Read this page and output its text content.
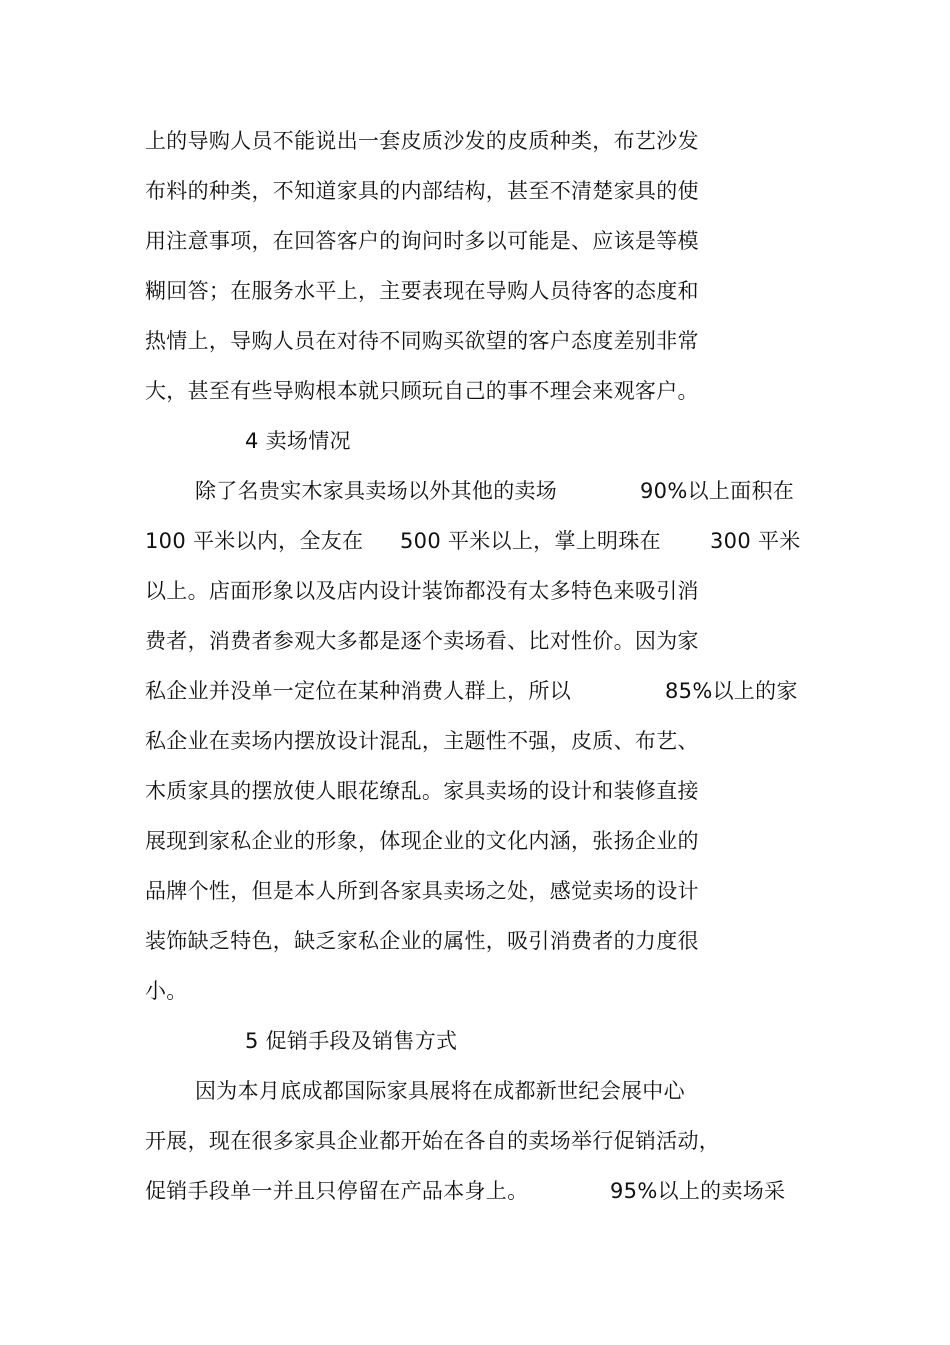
上的导购人员不能说出一套皮质沙发的皮质种类，布艺沙发

布料的种类，不知道家具的内部结构，甚至不清楚家具的使

用注意事项，在回答客户的询问时多以可能是、应该是等模

糊回答；在服务水平上，主要表现在导购人员待客的态度和

热情上，导购人员在对待不同购买欲望的客户态度差别非常

大，甚至有些导购根本就只顾玩自己的事不理会来观客户。

4 卖场情况

除了名贵实木家具卖场以外其他的卖场	90%以上面积在
100 平米以内，全友在 500 平米以上，掌上明珠在 300 平米

以上。店面形象以及店内设计装饰都没有太多特色来吸引消

费者，消费者参观大多都是逐个卖场看、比对性价。因为家

私企业并没单一定位在某种消费人群上，所以	85%以上的家

私企业在卖场内摆放设计混乱，主题性不强，皮质、布艺、

木质家具的摆放使人眼花缭乱。家具卖场的设计和装修直接

展现到家私企业的形象，体现企业的文化内涵，张扬企业的

品牌个性，但是本人所到各家具卖场之处，感觉卖场的设计

装饰缺乏特色，缺乏家私企业的属性，吸引消费者的力度很

小。

5 促销手段及销售方式

因为本月底成都国际家具展将在成都新世纪会展中心

开展，现在很多家具企业都开始在各自的卖场举行促销活动，

促销手段单一并且只停留在产品本身上。	95%以上的卖场采
